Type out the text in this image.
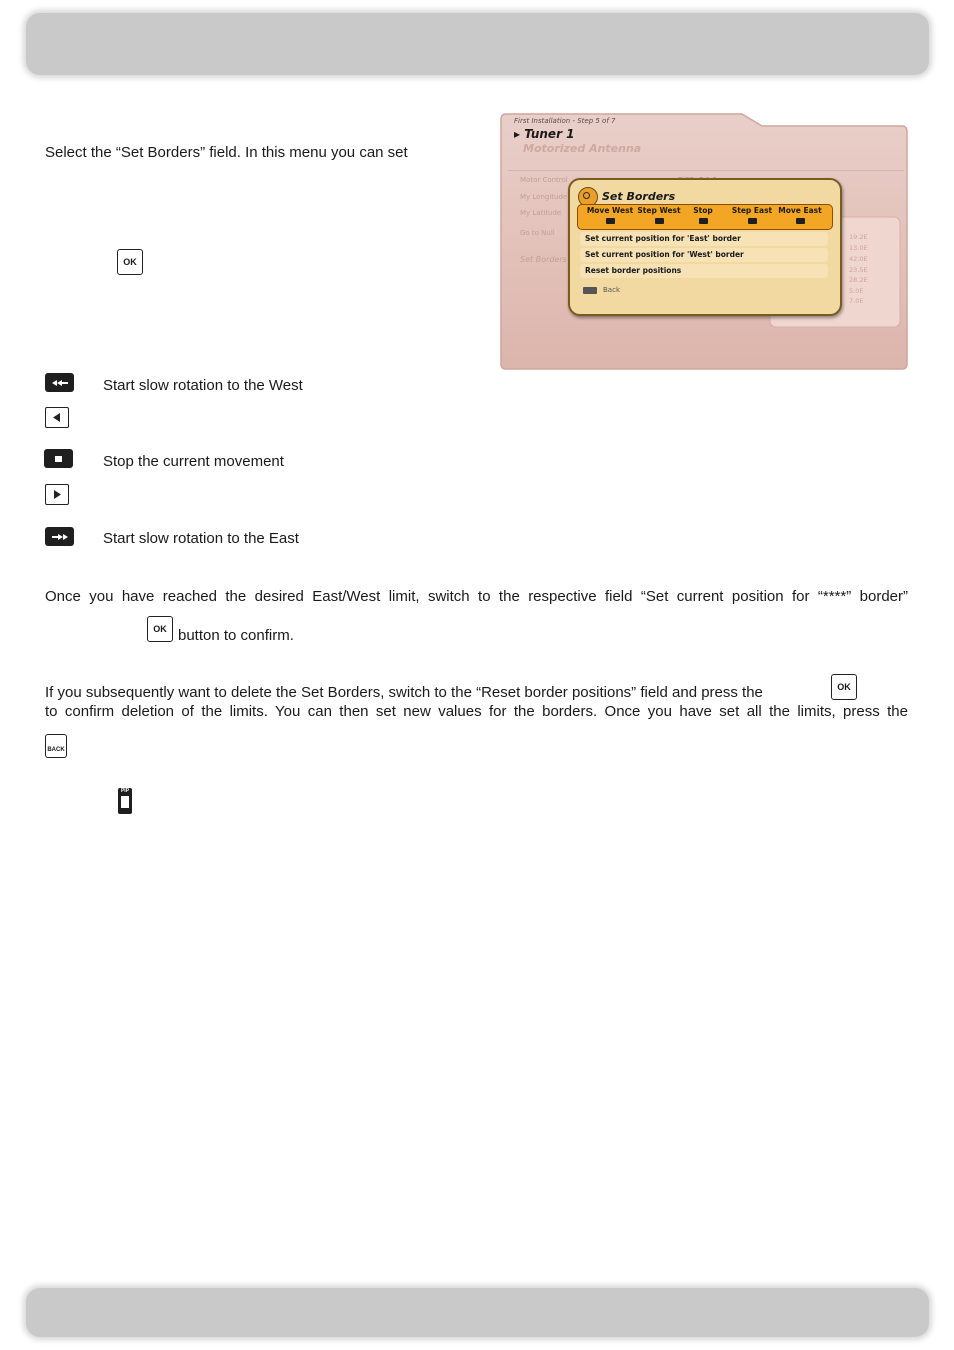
Select the “Set Borders” field. In this menu you can set
OK
First Installation - Step 5 of 7
▸ Tuner 1
Motorized Antenna
Motor Control
My Longitude
My Latitude
Go to Null
Set Borders
19.2E
13.0E
42.0E
23.5E
28.2E
5.0E
7.0E
Set Borders
Move West Step West	Stop	Step East Move East
Set current position for 'East' border
Set current position for 'West' border
Reset border positions
Back
Start slow rotation to the West
Stop the current movement
Start slow rotation to the East
Once you have reached the desired East/West limit, switch to the respective field “Set current position for “****” border”
OK button to confirm.
If you subsequently want to delete the Set Borders, switch to the “Reset border positions” field and press the	OK
to confirm deletion of the limits. You can then set new values for the borders. Once you have set all the limits, press the
BACK
PIP
